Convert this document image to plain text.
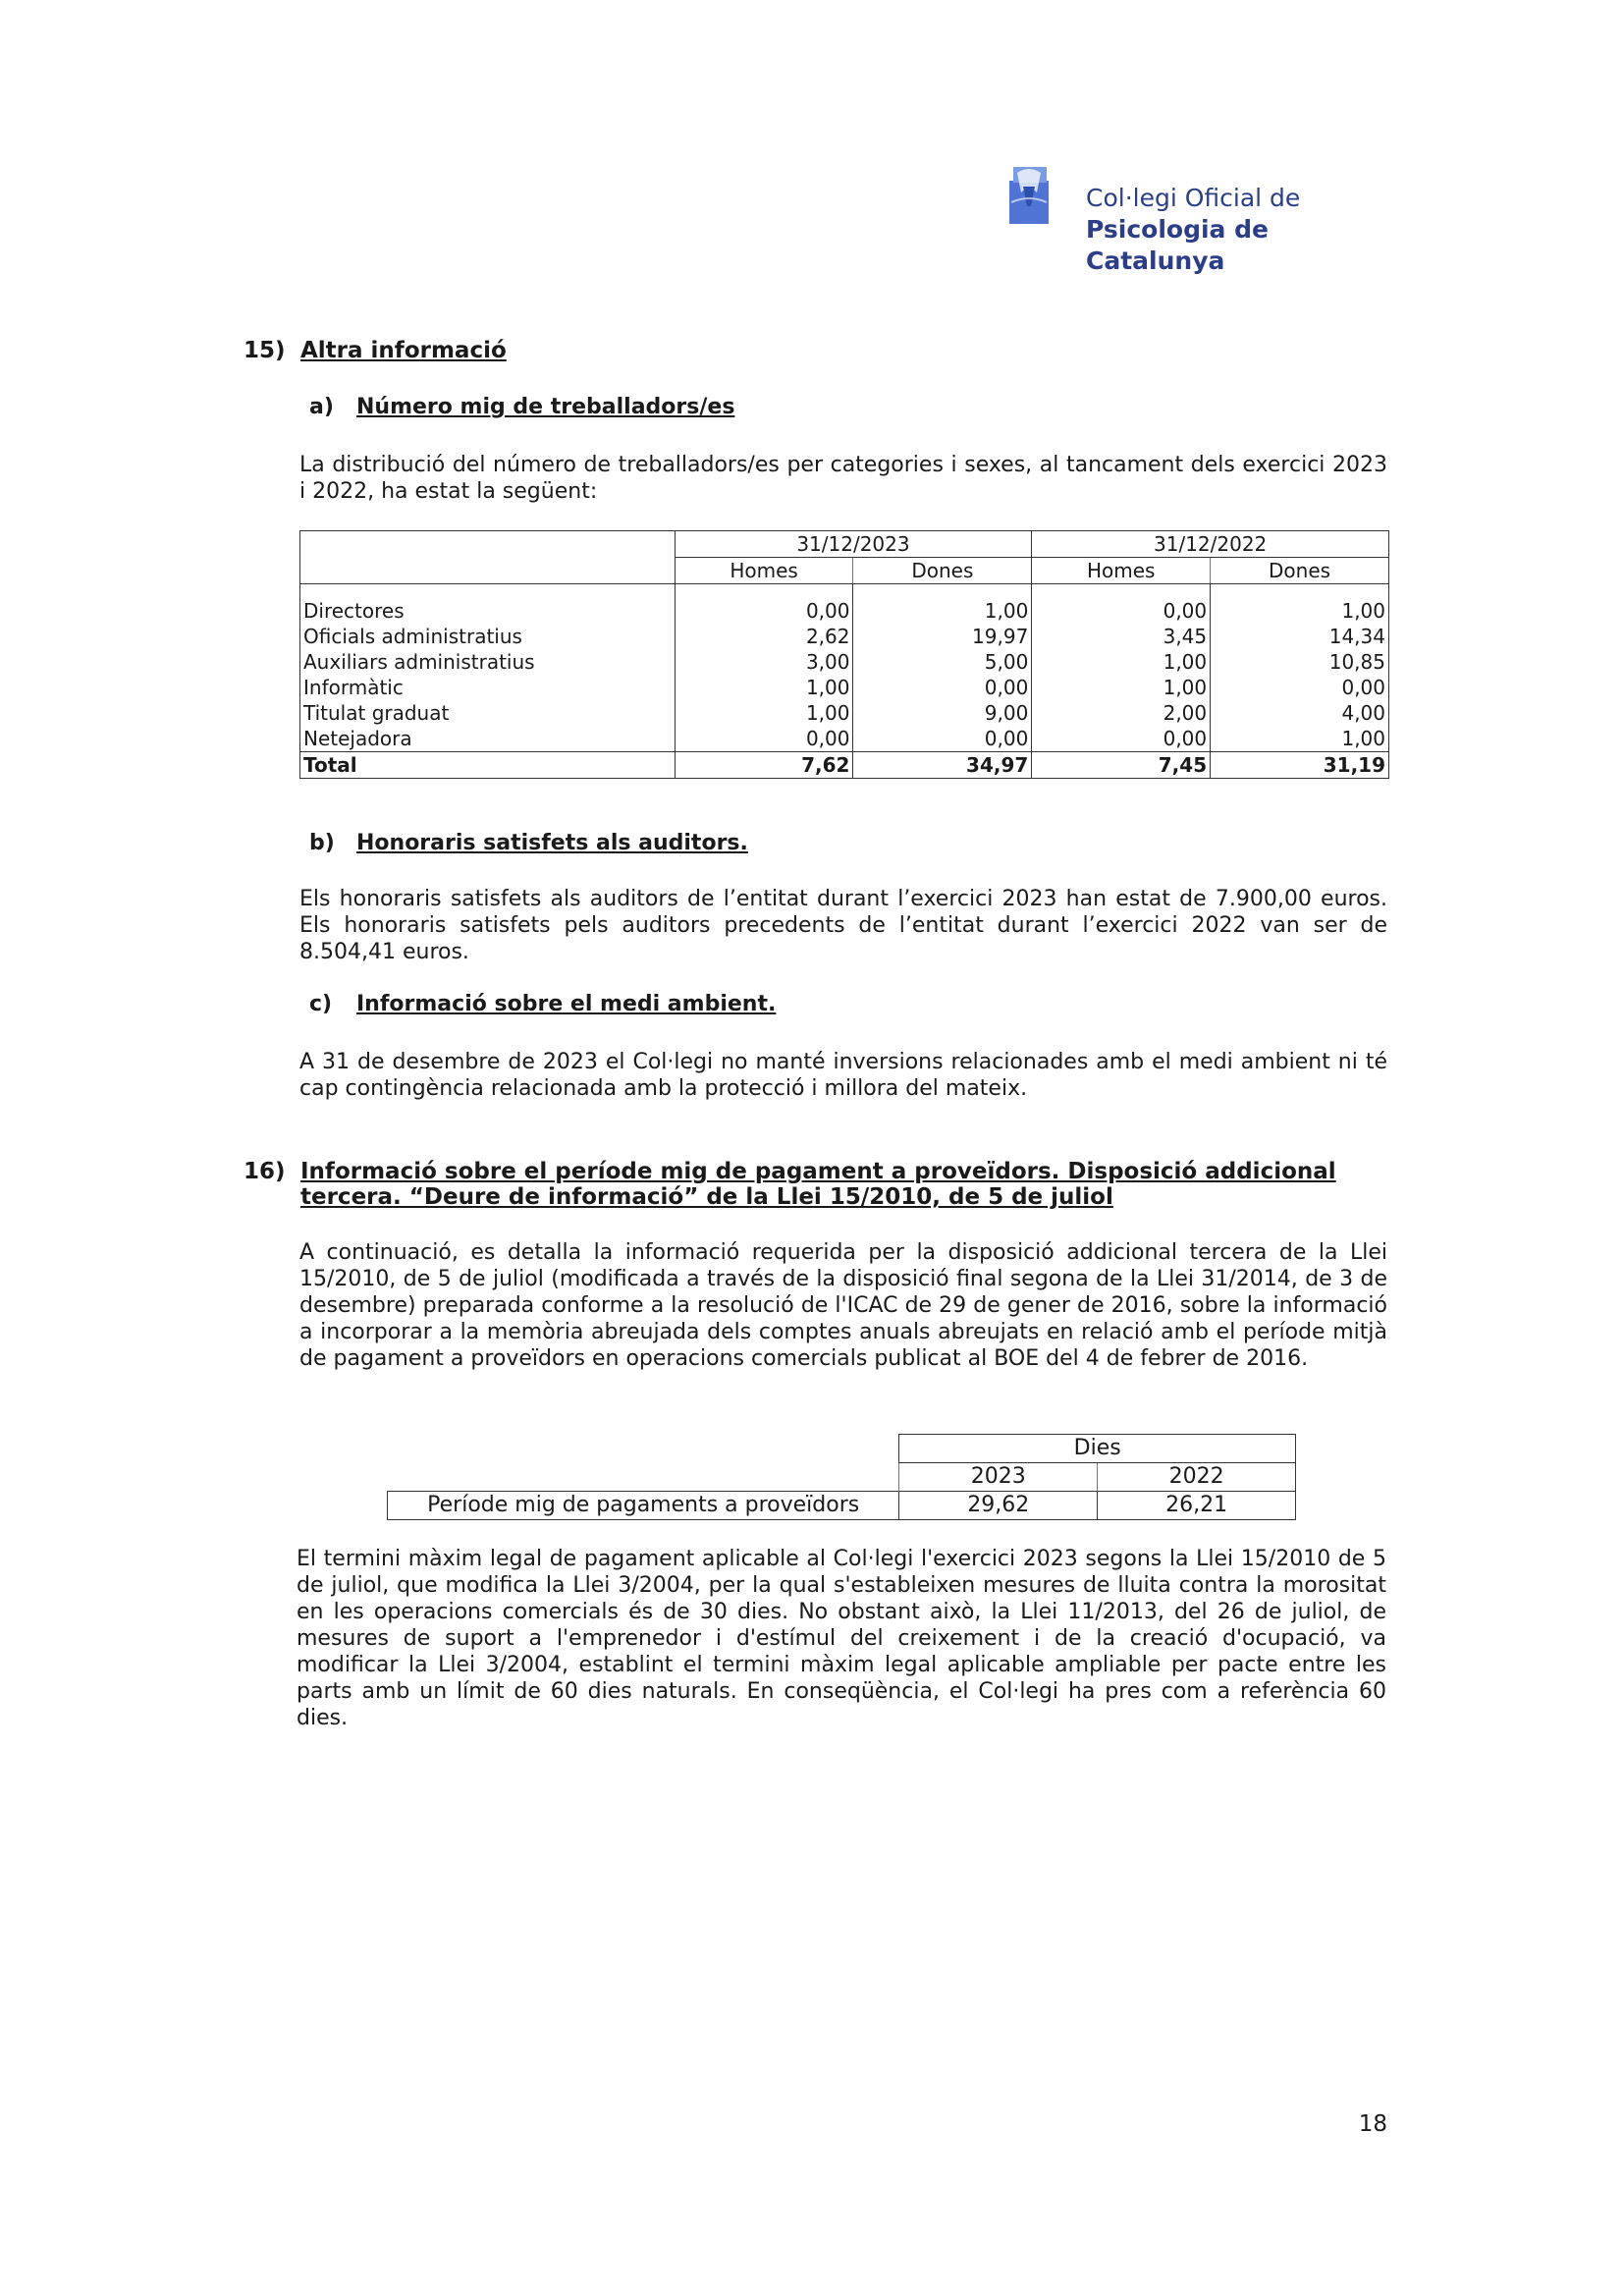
Col·legi Oficial de
Psicologia de Catalunya
15) Altra informació
a) Número mig de treballadors/es
La distribució del número de treballadors/es per categories i sexes, al tancament dels exercici 2023 i 2022, ha estat la següent:
	31/12/2023		31/12/2022	
	Homes	Dones	Homes	Dones

Directores	0,00	1,00	0,00	1,00
Oficials administratius	2,62	19,97	3,45	14,34
Auxiliars administratius	3,00	5,00	1,00	10,85
Informàtic	1,00	0,00	1,00	0,00
Titulat graduat	1,00	9,00	2,00	4,00
Netejadora	0,00	0,00	0,00	1,00
Total	7,62	34,97	7,45	31,19
b) Honoraris satisfets als auditors.
Els honoraris satisfets als auditors de l’entitat durant l’exercici 2023 han estat de 7.900,00 euros. Els honoraris satisfets pels auditors precedents de l’entitat durant l’exercici 2022 van ser de 8.504,41 euros.
c) Informació sobre el medi ambient.
A 31 de desembre de 2023 el Col·legi no manté inversions relacionades amb el medi ambient ni té cap contingència relacionada amb la protecció i millora del mateix.
16) Informació sobre el període mig de pagament a proveïdors. Disposició addicional
tercera. “Deure de informació” de la Llei 15/2010, de 5 de juliol
A continuació, es detalla la informació requerida per la disposició addicional tercera de la Llei 15/2010, de 5 de juliol (modificada a través de la disposició final segona de la Llei 31/2014, de 3 de desembre) preparada conforme a la resolució de l'ICAC de 29 de gener de 2016, sobre la informació a incorporar a la memòria abreujada dels comptes anuals abreujats en relació amb el període mitjà de pagament a proveïdors en operacions comercials publicat al BOE del 4 de febrer de 2016.
	Dies	
	2023	2022
Període mig de pagaments a proveïdors	29,62	26,21
El termini màxim legal de pagament aplicable al Col·legi l'exercici 2023 segons la Llei 15/2010 de 5 de juliol, que modifica la Llei 3/2004, per la qual s'estableixen mesures de lluita contra la morositat en les operacions comercials és de 30 dies. No obstant això, la Llei 11/2013, del 26 de juliol, de mesures de suport a l'emprenedor i d'estímul del creixement i de la creació d'ocupació, va modificar la Llei 3/2004, establint el termini màxim legal aplicable ampliable per pacte entre les parts amb un límit de 60 dies naturals. En conseqüència, el Col·legi ha pres com a referència 60 dies.
18
